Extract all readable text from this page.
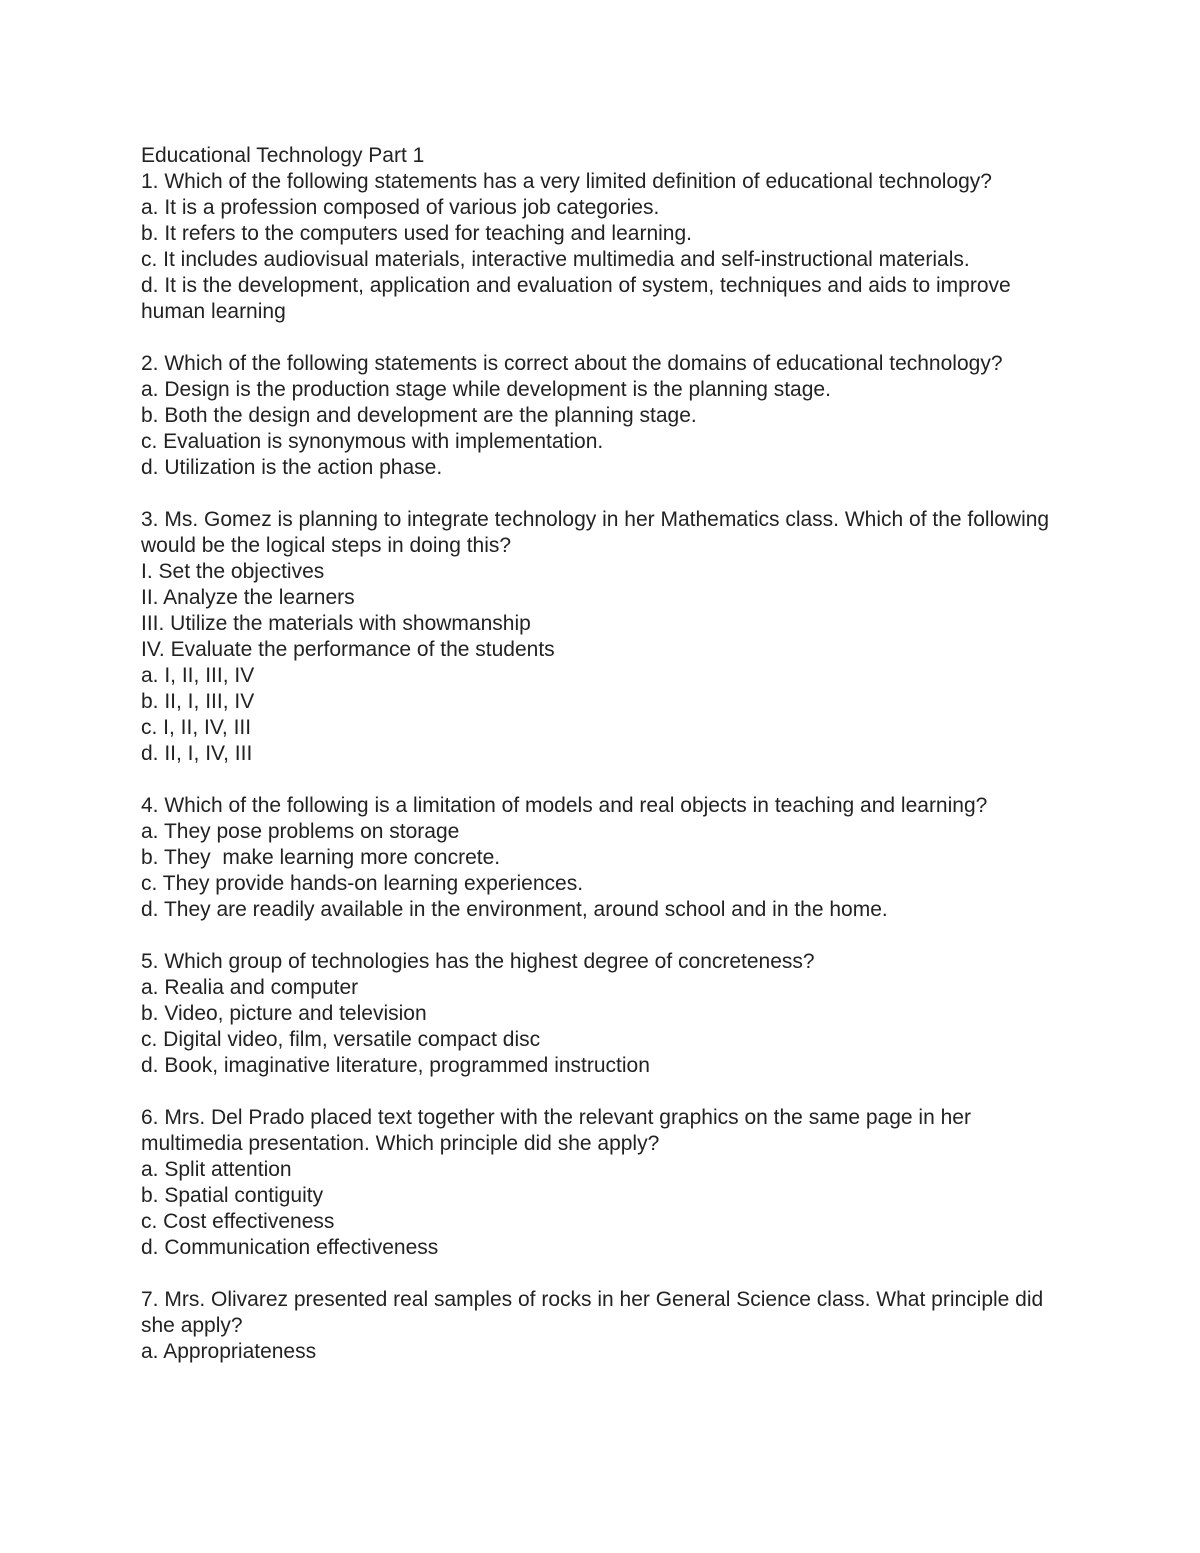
Educational Technology Part 1
1. Which of the following statements has a very limited definition of educational technology?
a. It is a profession composed of various job categories.
b. It refers to the computers used for teaching and learning.
c. It includes audiovisual materials, interactive multimedia and self-instructional materials.
d. It is the development, application and evaluation of system, techniques and aids to improve human learning
2. Which of the following statements is correct about the domains of educational technology?
a. Design is the production stage while development is the planning stage.
b. Both the design and development are the planning stage.
c. Evaluation is synonymous with implementation.
d. Utilization is the action phase.
3. Ms. Gomez is planning to integrate technology in her Mathematics class. Which of the following would be the logical steps in doing this?
I. Set the objectives
II. Analyze the learners
III. Utilize the materials with showmanship
IV. Evaluate the performance of the students
a. I, II, III, IV
b. II, I, III, IV
c. I, II, IV, III
d. II, I, IV, III
4. Which of the following is a limitation of models and real objects in teaching and learning?
a. They pose problems on storage
b. They  make learning more concrete.
c. They provide hands-on learning experiences.
d. They are readily available in the environment, around school and in the home.
5. Which group of technologies has the highest degree of concreteness?
a. Realia and computer
b. Video, picture and television
c. Digital video, film, versatile compact disc
d. Book, imaginative literature, programmed instruction
6. Mrs. Del Prado placed text together with the relevant graphics on the same page in her multimedia presentation. Which principle did she apply?
a. Split attention
b. Spatial contiguity
c. Cost effectiveness
d. Communication effectiveness
7. Mrs. Olivarez presented real samples of rocks in her General Science class. What principle did she apply?
a. Appropriateness
